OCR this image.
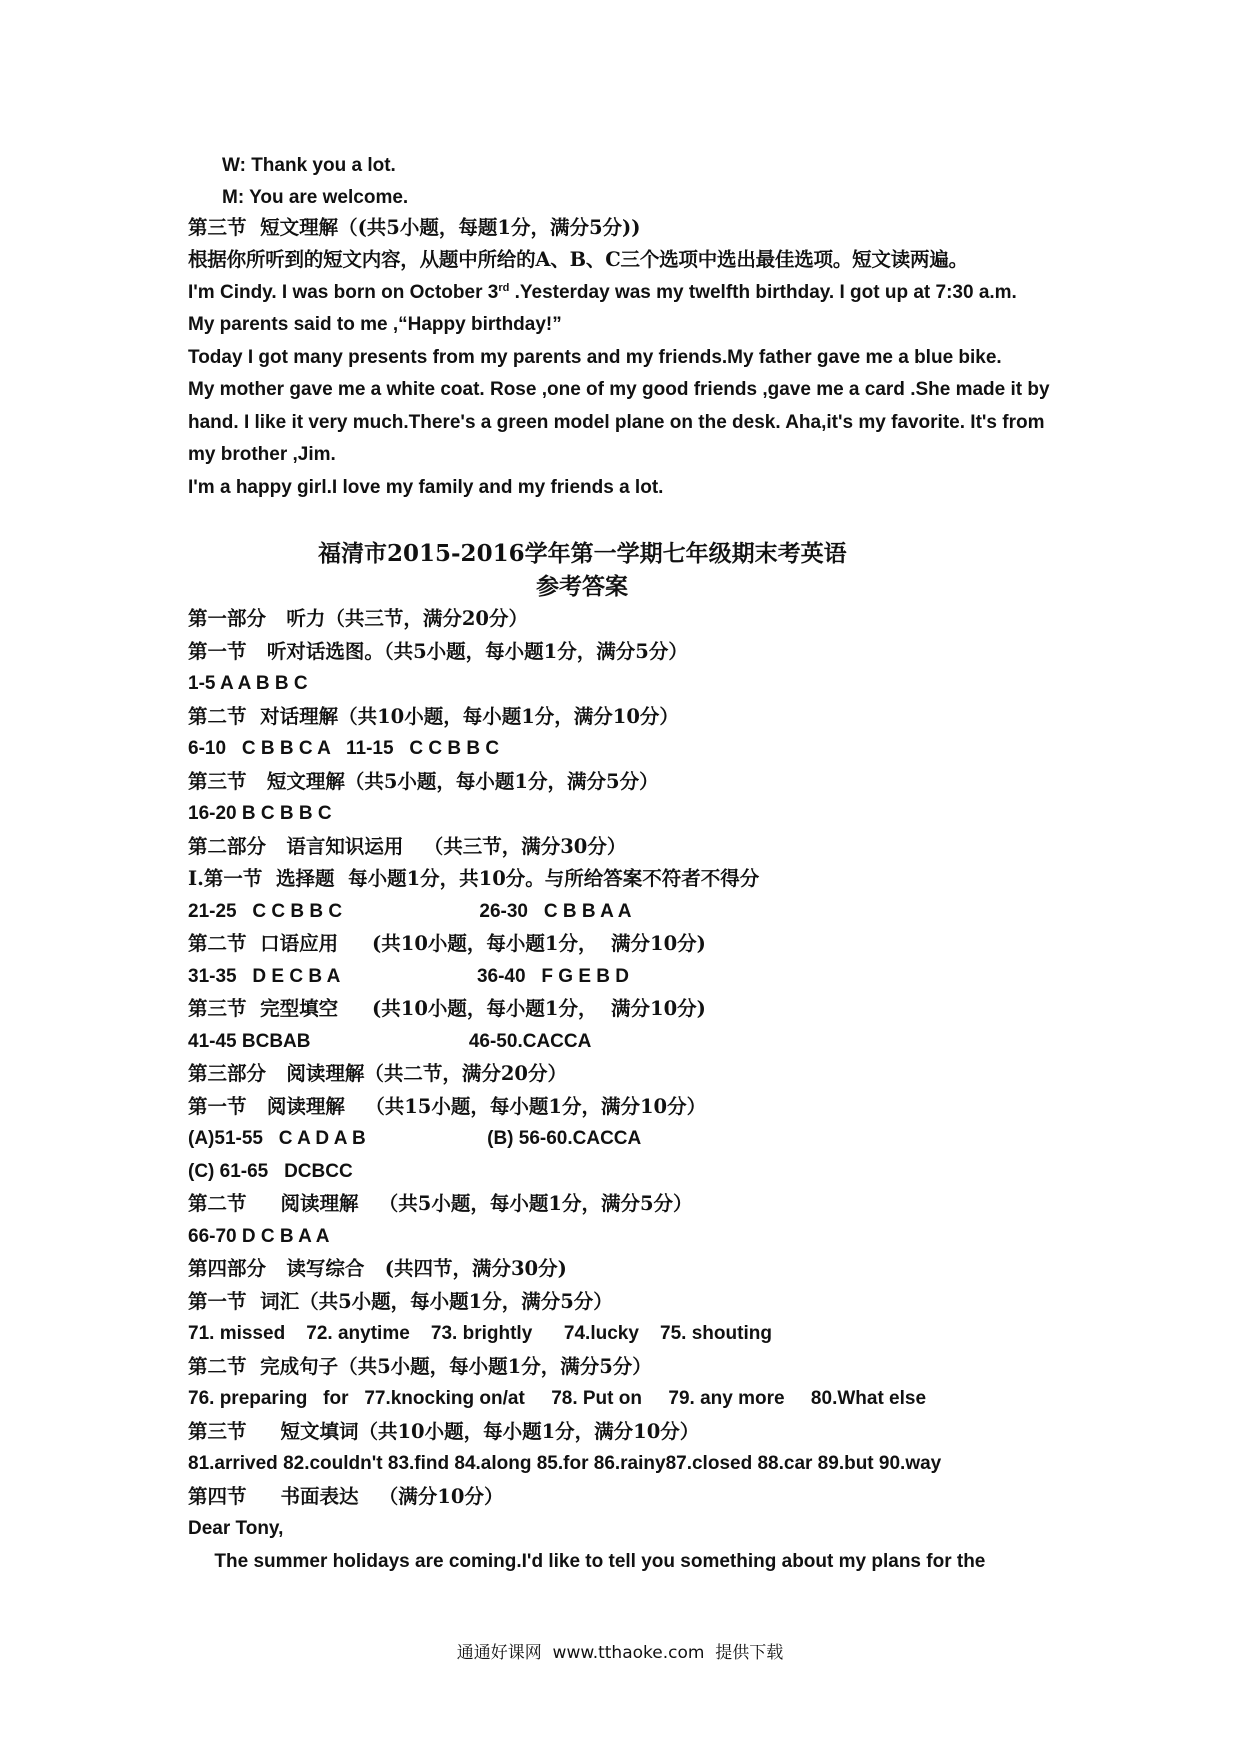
W: Thank you a lot.
M: You are welcome.
第三节  短文理解（(共5小题，每题1分，满分5分))
根据你所听到的短文内容，从题中所给的A、B、C三个选项中选出最佳选项。短文读两遍。
I'm Cindy. I was born on October 3rd .Yesterday was my twelfth birthday. I got up at 7:30 a.m.
My parents said to me ,“Happy birthday!”
Today I got many presents from my parents and my friends.My father gave me a blue bike.
My mother gave me a white coat. Rose ,one of my good friends ,gave me a card .She made it by
hand. I like it very much.There's a green model plane on the desk. Aha,it's my favorite. It's from
my brother ,Jim.
I'm a happy girl.I love my family and my friends a lot.
福清市2015-2016学年第一学期七年级期末考英语
参考答案
第一部分   听力（共三节，满分20分）
第一节   听对话选图。（共5小题，每小题1分，满分5分）
1-5 A A B B C
第二节  对话理解（共10小题，每小题1分，满分10分）
6-10   C B B C A   11-15   C C B B C
第三节   短文理解（共5小题，每小题1分，满分5分）
16-20 B C B B C
第二部分   语言知识运用   （共三节，满分30分）
Ⅰ.第一节  选择题  每小题1分，共10分。与所给答案不符者不得分
21-25   C C B B C                          26-30   C B B A A
第二节  口语应用     (共10小题，每小题1分，  满分10分)
31-35   D E C B A                          36-40   F G E B D
第三节  完型填空     (共10小题，每小题1分，  满分10分)
41-45 BCBAB                              46-50.CACCA
第三部分   阅读理解（共二节，满分20分）
第一节   阅读理解   （共15小题，每小题1分，满分10分）
(A)51-55   C A D A B                       (B) 56-60.CACCA
(C) 61-65   DCBCC
第二节     阅读理解   （共5小题，每小题1分，满分5分）
66-70 D C B A A
第四部分   读写综合   (共四节，满分30分)
第一节  词汇（共5小题，每小题1分，满分5分）
71. missed    72. anytime    73. brightly      74.lucky    75. shouting
第二节  完成句子（共5小题，每小题1分，满分5分）
76. preparing   for   77.knocking on/at     78. Put on     79. any more     80.What else
第三节     短文填词（共10小题，每小题1分，满分10分）
81.arrived 82.couldn't 83.find 84.along 85.for 86.rainy87.closed 88.car 89.but 90.way
第四节     书面表达   （满分10分）
Dear Tony,
The summer holidays are coming.I'd like to tell you something about my plans for the
通通好课网  www.tthaoke.com  提供下载
